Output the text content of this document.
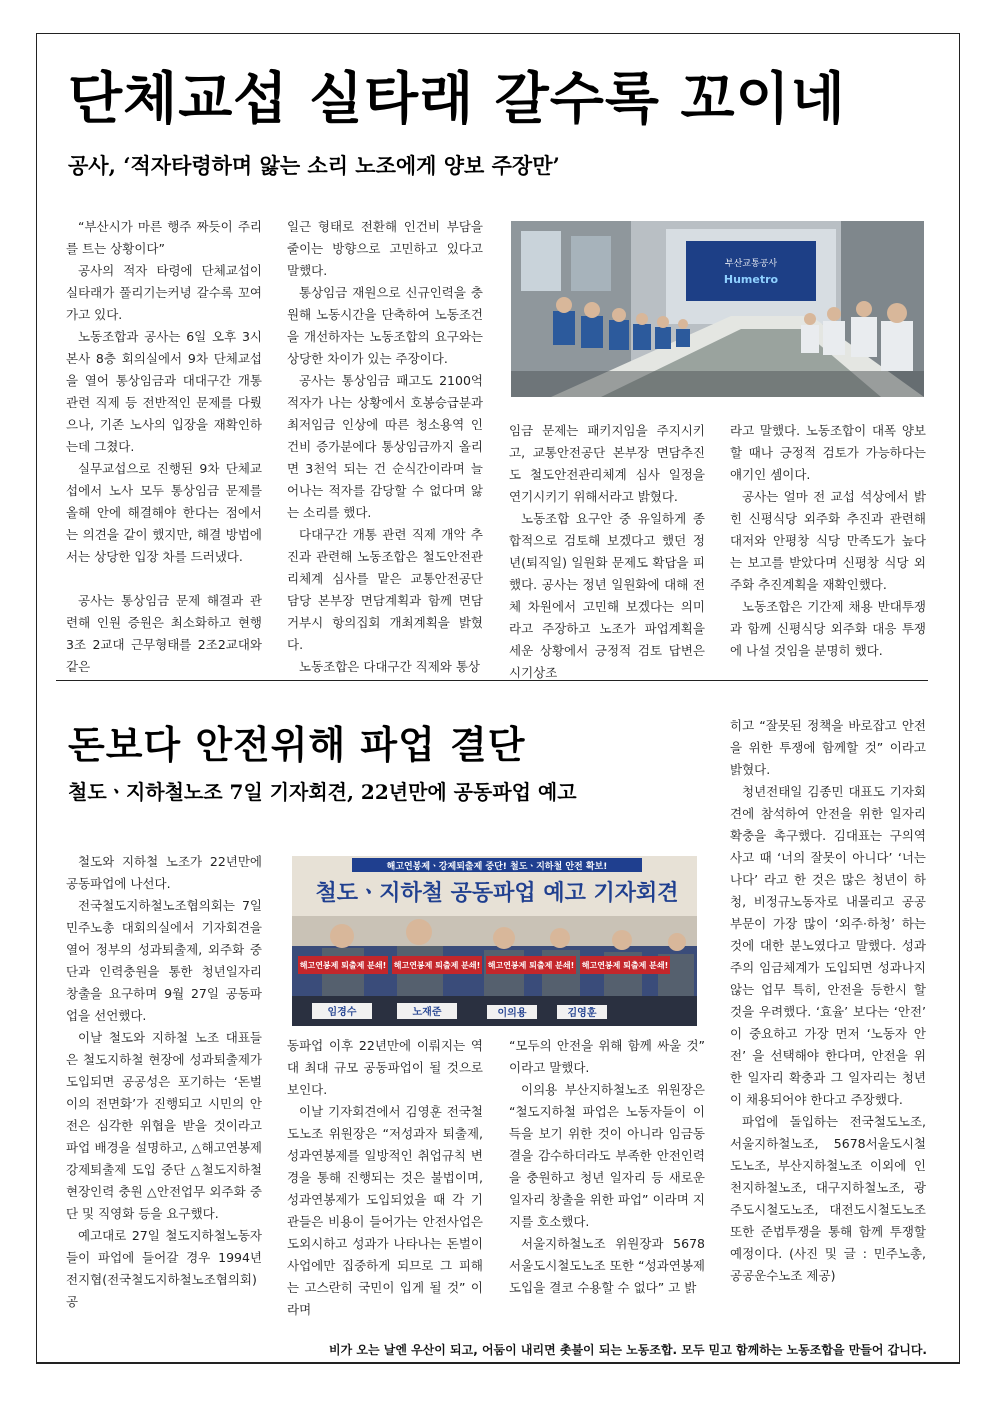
단체교섭 실타래 갈수록 꼬이네
공사, ‘적자타령하며 앓는 소리 노조에게 양보 주장만’

“부산시가 마른 행주 짜듯이 주리를 트는 상황이다”

공사의 적자 타령에 단체교섭이 실타래가 풀리기는커녕 갈수록 꼬여가고 있다.

노동조합과 공사는 6일 오후 3시 본사 8층 회의실에서 9차 단체교섭을 열어 통상임금과 대대구간 개통 관련 직제 등 전반적인 문제를 다뤘으나, 기존 노사의 입장을 재확인하는데 그쳤다.

실무교섭으로 진행된 9차 단체교섭에서 노사 모두 통상임금 문제를 올해 안에 해결해야 한다는 점에서는 의견을 같이 했지만, 해결 방법에서는 상당한 입장 차를 드러냈다.

공사는 통상임금 문제 해결과 관련해 인원 증원은 최소화하고 현행 3조 2교대 근무형태를 2조2교대와 같은

일근 형태로 전환해 인건비 부담을 줄이는 방향으로 고민하고 있다고 말했다.

통상임금 재원으로 신규인력을 충원해 노동시간을 단축하여 노동조건을 개선하자는 노동조합의 요구와는 상당한 차이가 있는 주장이다.

공사는 통상임금 패고도 2100억 적자가 나는 상황에서 호봉승급분과 최저임금 인상에 따른 청소용역 인건비 증가분에다 통상임금까지 올리면 3천억 되는 건 순식간이라며 늘어나는 적자를 감당할 수 없다며 앓는 소리를 했다.

다대구간 개통 관련 직제 개악 추진과 관련해 노동조합은 철도안전관리체계 심사를 맡은 교통안전공단 담당 본부장 면담계획과 함께 면담 거부시 항의집회 개최계획을 밝혔다.

노동조합은 다대구간 직제와 통상

부산교통공사
Humetro

임금 문제는 패키지임을 주지시키고, 교통안전공단 본부장 면담추진도 철도안전관리체계 심사 일정을 연기시키기 위해서라고 밝혔다.

노동조합 요구안 중 유일하게 종합적으로 검토해 보겠다고 했던 정년(퇴직일) 일원화 문제도 확답을 피했다. 공사는 정년 일원화에 대해 전체 차원에서 고민해 보겠다는 의미라고 주장하고 노조가 파업계획을 세운 상황에서 긍정적 검토 답변은 시기상조

라고 말했다. 노동조합이 대폭 양보할 때나 긍정적 검토가 가능하다는 얘기인 셈이다.

공사는 얼마 전 교섭 석상에서 밝힌 신평식당 외주화 추진과 관련해 대저와 안평창 식당 만족도가 높다는 보고를 받았다며 신평창 식당 외주화 추진계획을 재확인했다.

노동조합은 기간제 채용 반대투쟁과 함께 신평식당 외주화 대응 투쟁에 나설 것임을 분명히 했다.

돈보다 안전위해 파업 결단
철도ㆍ지하철노조 7일 기자회견, 22년만에 공동파업 예고

히고 “잘못된 정책을 바로잡고 안전을 위한 투쟁에 함께할 것” 이라고 밝혔다.

청년전태일 김종민 대표도 기자회견에 참석하여 안전을 위한 일자리확충을 촉구했다. 김대표는 구의역 사고 때 ‘너의 잘못이 아니다’ ‘너는 나다’ 라고 한 것은 많은 청년이 하청, 비정규노동자로 내몰리고 공공부문이 가장 많이 ‘외주·하청’ 하는 것에 대한 분노였다고 말했다. 성과주의 임금체계가 도입되면 성과나지 않는 업무 특히, 안전을 등한시 할 것을 우려했다. ‘효율’ 보다는 ‘안전’ 이 중요하고 가장 먼저 ‘노동자 안전’ 을 선택해야 한다며, 안전을 위한 일자리 확충과 그 일자리는 청년이 채용되어야 한다고 주장했다.

파업에 돌입하는 전국철도노조, 서울지하철노조, 5678서울도시철도노조, 부산지하철노조 이외에 인천지하철노조, 대구지하철노조, 광주도시철도노조, 대전도시철도노조 또한 준법투쟁을 통해 함께 투쟁할 예정이다. (사진 및 글 : 민주노총, 공공운수노조 제공)

철도와 지하철 노조가 22년만에 공동파업에 나선다.

전국철도지하철노조협의회는 7일 민주노총 대회의실에서 기자회견을 열어 정부의 성과퇴출제, 외주화 중단과 인력충원을 통한 청년일자리 창출을 요구하며 9월 27일 공동파업을 선언했다.

이날 철도와 지하철 노조 대표들은 철도지하철 현장에 성과퇴출제가 도입되면 공공성은 포기하는 ‘돈벌이의 전면화’가 진행되고 시민의 안전은 심각한 위협을 받을 것이라고 파업 배경을 설명하고, △해고연봉제강제퇴출제 도입 중단 △철도지하철 현장인력 충원 △안전업무 외주화 중단 및 직영화 등을 요구했다.

예고대로 27일 철도지하철노동자들이 파업에 들어갈 경우 1994년 전지협(전국철도지하철노조협의회) 공

해고연봉제ㆍ강제퇴출제 중단! 철도ㆍ지하철 안전 확보!
철도ㆍ지하철 공동파업 예고 기자회견
해고연봉제 퇴출제 분쇄! 해고연봉제 퇴출제 분쇄! 해고연봉제 퇴출제 분쇄! 해고연봉제 퇴출제 분쇄!
임경수	노재준	이의용	김영훈

동파업 이후 22년만에 이뤄지는 역대 최대 규모 공동파업이 될 것으로 보인다.

이날 기자회견에서 김영훈 전국철도노조 위원장은 “저성과자 퇴출제, 성과연봉제를 일방적인 취업규칙 변경을 통해 진행되는 것은 불법이며, 성과연봉제가 도입되었을 때 각 기관들은 비용이 들어가는 안전사업은 도외시하고 성과가 나타나는 돈벌이 사업에만 집중하게 되므로 그 피해는 고스란히 국민이 입게 될 것” 이라며

“모두의 안전을 위해 함께 싸울 것” 이라고 말했다.

이의용 부산지하철노조 위원장은 “철도지하철 파업은 노동자들이 이득을 보기 위한 것이 아니라 임금동결을 감수하더라도 부족한 안전인력을 충원하고 청년 일자리 등 새로운 일자리 창출을 위한 파업” 이라며 지지를 호소했다.

서울지하철노조 위원장과 5678서울도시철도노조 또한 “성과연봉제 도입을 결코 수용할 수 없다” 고 밝

비가 오는 날엔 우산이 되고, 어둠이 내리면 촛불이 되는 노동조합. 모두 믿고 함께하는 노동조합을 만들어 갑니다.
